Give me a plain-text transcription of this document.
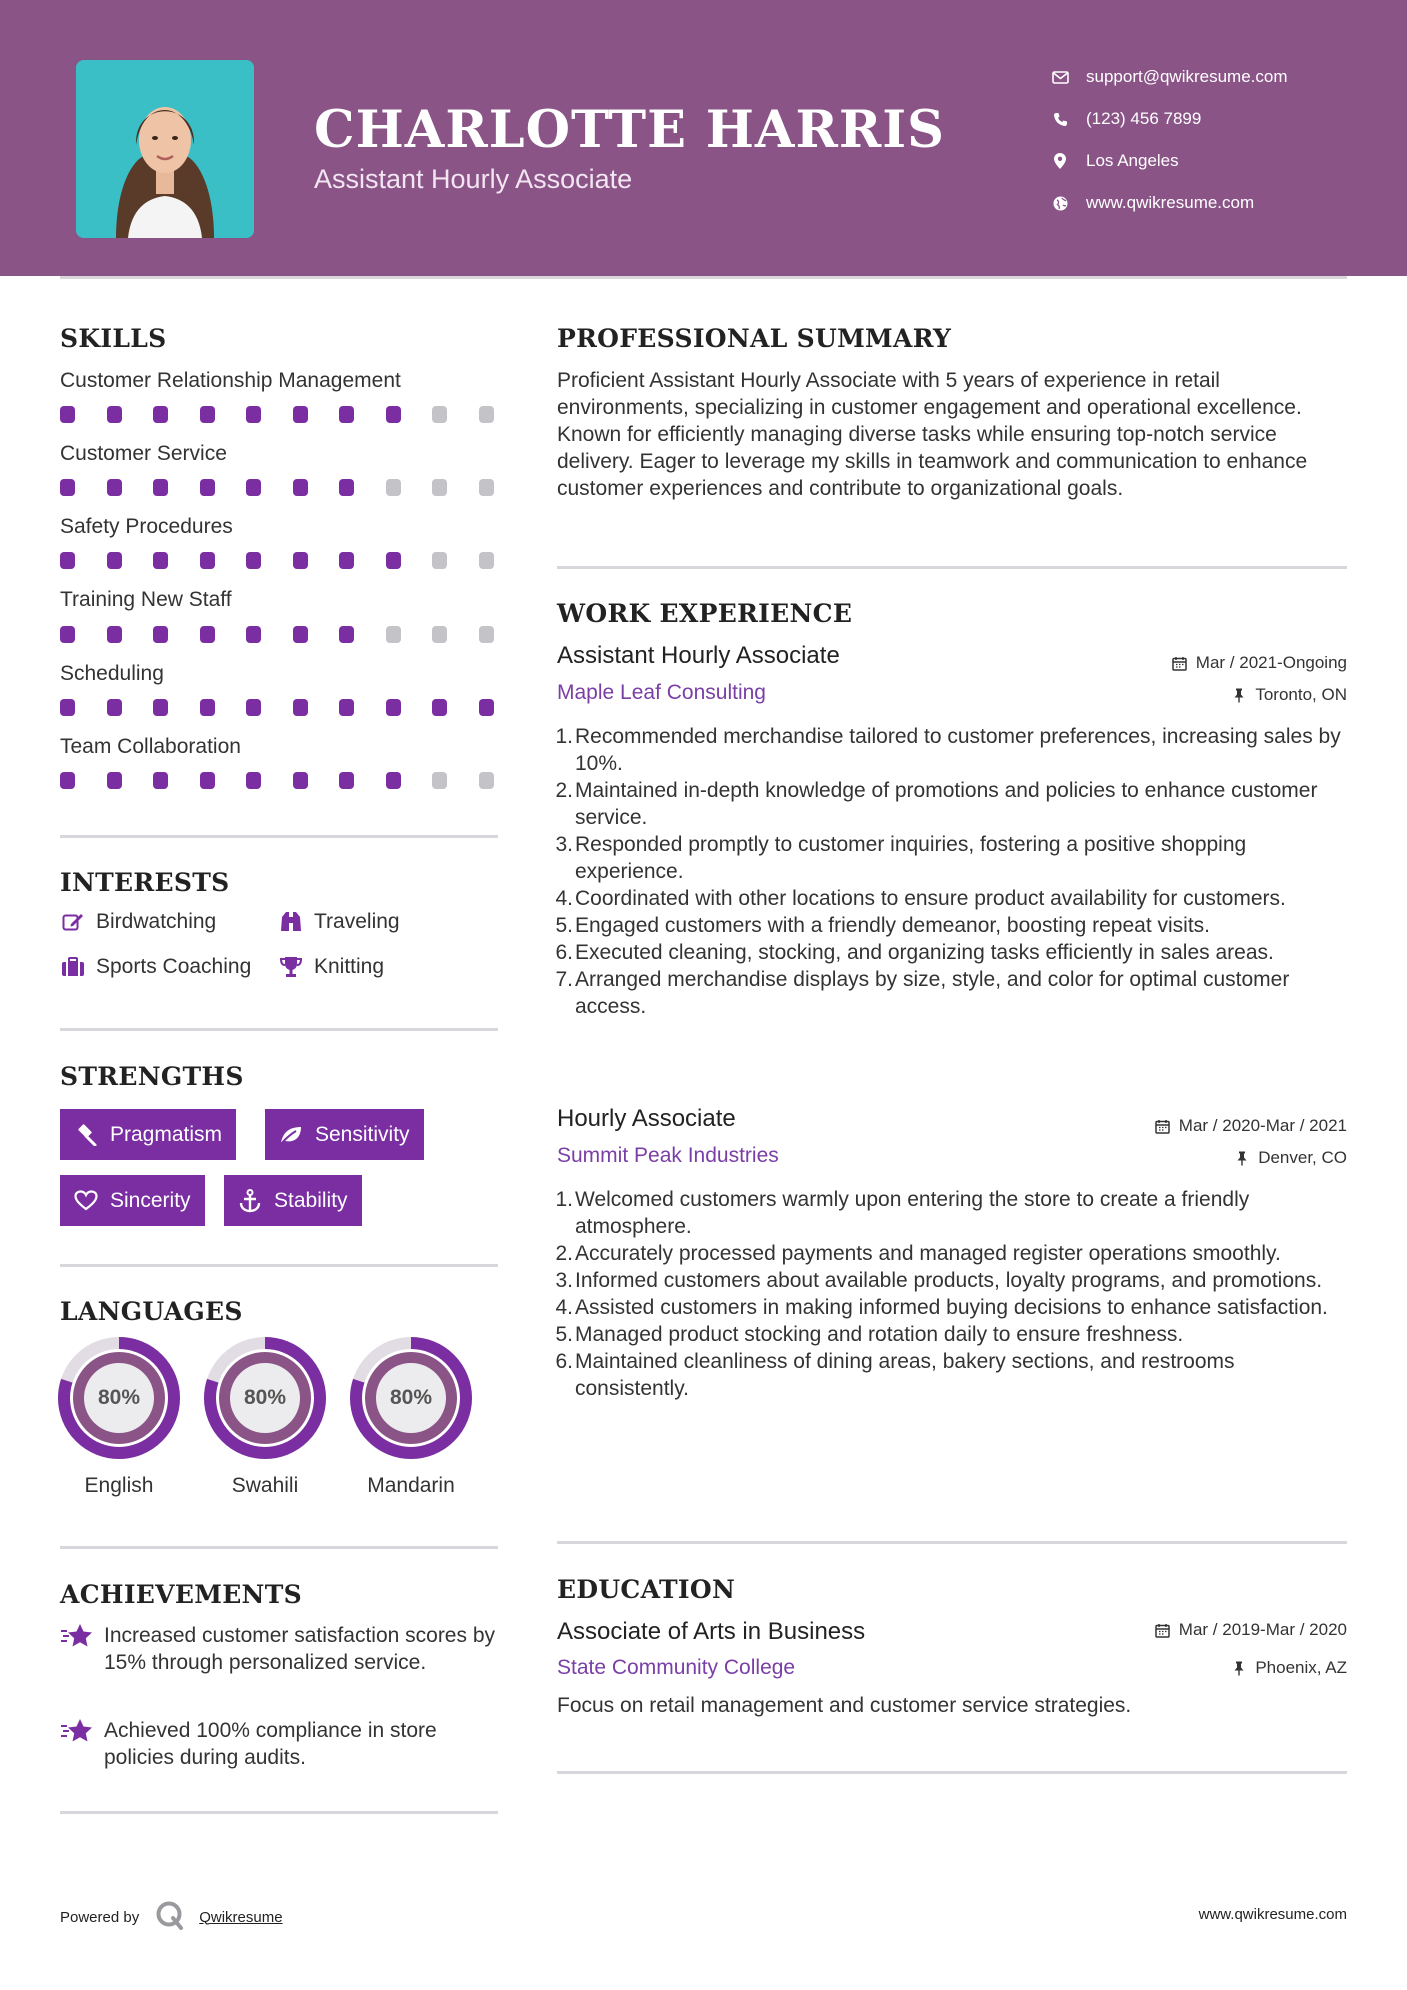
CHARLOTTE HARRIS
Assistant Hourly Associate
support@qwikresume.com
(123) 456 7899
Los Angeles
www.qwikresume.com
SKILLS
Customer Relationship Management
Customer Service
Safety Procedures
Training New Staff
Scheduling
Team Collaboration
INTERESTS
Birdwatching	Traveling
Sports Coaching	Knitting
STRENGTHS
Pragmatism	Sensitivity
Sincerity	Stability
LANGUAGES
80%
English
80%
Swahili
80%
Mandarin
ACHIEVEMENTS
Increased customer satisfaction scores by 15% through personalized service.
Achieved 100% compliance in store policies during audits.
PROFESSIONAL SUMMARY
Proficient Assistant Hourly Associate with 5 years of experience in retail environments, specializing in customer engagement and operational excellence. Known for efficiently managing diverse tasks while ensuring top-notch service delivery. Eager to leverage my skills in teamwork and communication to enhance customer experiences and contribute to organizational goals.
WORK EXPERIENCE
Assistant Hourly Associate	Mar / 2021-Ongoing
Maple Leaf Consulting	Toronto, ON
1. Recommended merchandise tailored to customer preferences, increasing sales by 10%.
2. Maintained in-depth knowledge of promotions and policies to enhance customer service.
3. Responded promptly to customer inquiries, fostering a positive shopping experience.
4. Coordinated with other locations to ensure product availability for customers.
5. Engaged customers with a friendly demeanor, boosting repeat visits.
6. Executed cleaning, stocking, and organizing tasks efficiently in sales areas.
7. Arranged merchandise displays by size, style, and color for optimal customer access.
Hourly Associate	Mar / 2020-Mar / 2021
Summit Peak Industries	Denver, CO
1. Welcomed customers warmly upon entering the store to create a friendly atmosphere.
2. Accurately processed payments and managed register operations smoothly.
3. Informed customers about available products, loyalty programs, and promotions.
4. Assisted customers in making informed buying decisions to enhance satisfaction.
5. Managed product stocking and rotation daily to ensure freshness.
6. Maintained cleanliness of dining areas, bakery sections, and restrooms consistently.
EDUCATION
Associate of Arts in Business	Mar / 2019-Mar / 2020
State Community College	Phoenix, AZ
Focus on retail management and customer service strategies.
Powered by	Qwikresume	www.qwikresume.com
